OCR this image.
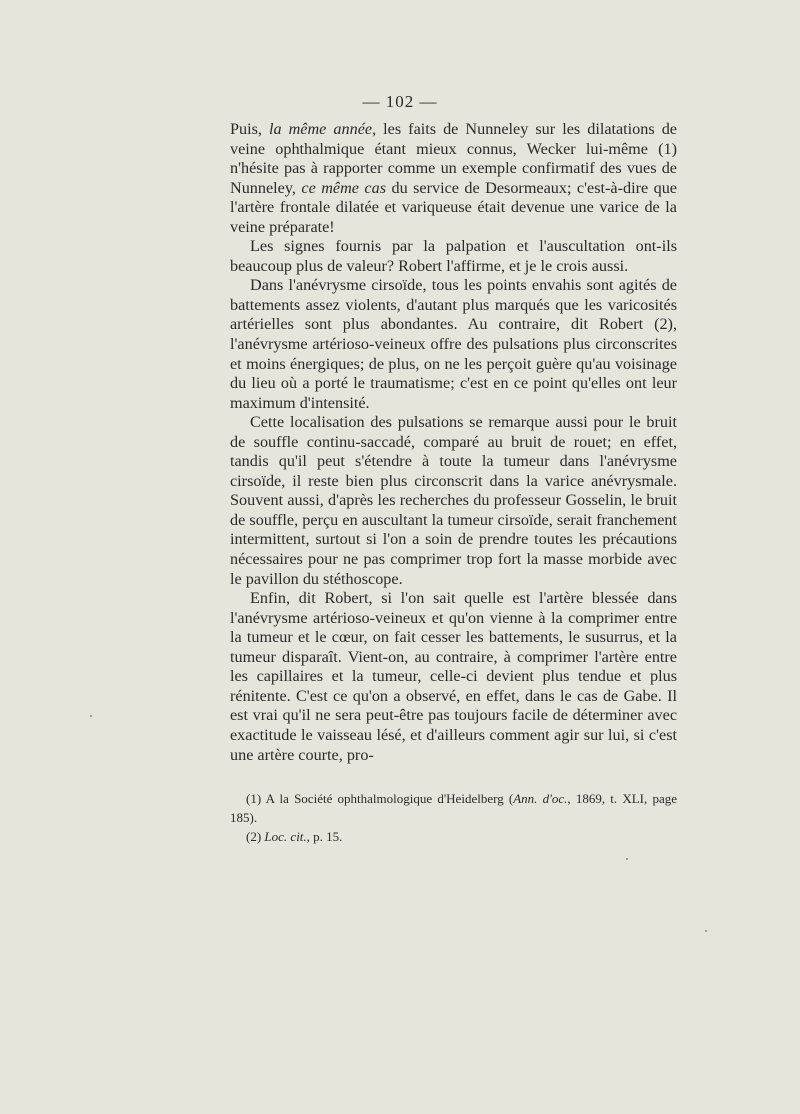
— 102 —

Puis, la même année, les faits de Nunneley sur les dilatations de veine ophthalmique étant mieux connus, Wecker lui-même (1) n'hésite pas à rapporter comme un exemple confirmatif des vues de Nunneley, ce même cas du service de Desormeaux; c'est-à-dire que l'artère frontale dilatée et variqueuse était devenue une varice de la veine préparate!

Les signes fournis par la palpation et l'auscultation ont-ils beaucoup plus de valeur? Robert l'affirme, et je le crois aussi.

Dans l'anévrysme cirsoïde, tous les points envahis sont agités de battements assez violents, d'autant plus marqués que les varicosités artérielles sont plus abondantes. Au contraire, dit Robert (2), l'anévrysme artérioso-veineux offre des pulsations plus circonscrites et moins énergiques; de plus, on ne les perçoit guère qu'au voisinage du lieu où a porté le traumatisme; c'est en ce point qu'elles ont leur maximum d'intensité.

Cette localisation des pulsations se remarque aussi pour le bruit de souffle continu-saccadé, comparé au bruit de rouet; en effet, tandis qu'il peut s'étendre à toute la tumeur dans l'anévrysme cirsoïde, il reste bien plus circonscrit dans la varice anévrysmale. Souvent aussi, d'après les recherches du professeur Gosselin, le bruit de souffle, perçu en auscultant la tumeur cirsoïde, serait franchement intermittent, surtout si l'on a soin de prendre toutes les précautions nécessaires pour ne pas comprimer trop fort la masse morbide avec le pavillon du stéthoscope.

Enfin, dit Robert, si l'on sait quelle est l'artère blessée dans l'anévrysme artérioso-veineux et qu'on vienne à la comprimer entre la tumeur et le cœur, on fait cesser les battements, le susurrus, et la tumeur disparaît. Vient-on, au contraire, à comprimer l'artère entre les capillaires et la tumeur, celle-ci devient plus tendue et plus rénitente. C'est ce qu'on a observé, en effet, dans le cas de Gabe. Il est vrai qu'il ne sera peut-être pas toujours facile de déterminer avec exactitude le vaisseau lésé, et d'ailleurs comment agir sur lui, si c'est une artère courte, pro-

(1) A la Société ophthalmologique d'Heidelberg (Ann. d'oc., 1869, t. XLI, page 185).

(2) Loc. cit., p. 15.
